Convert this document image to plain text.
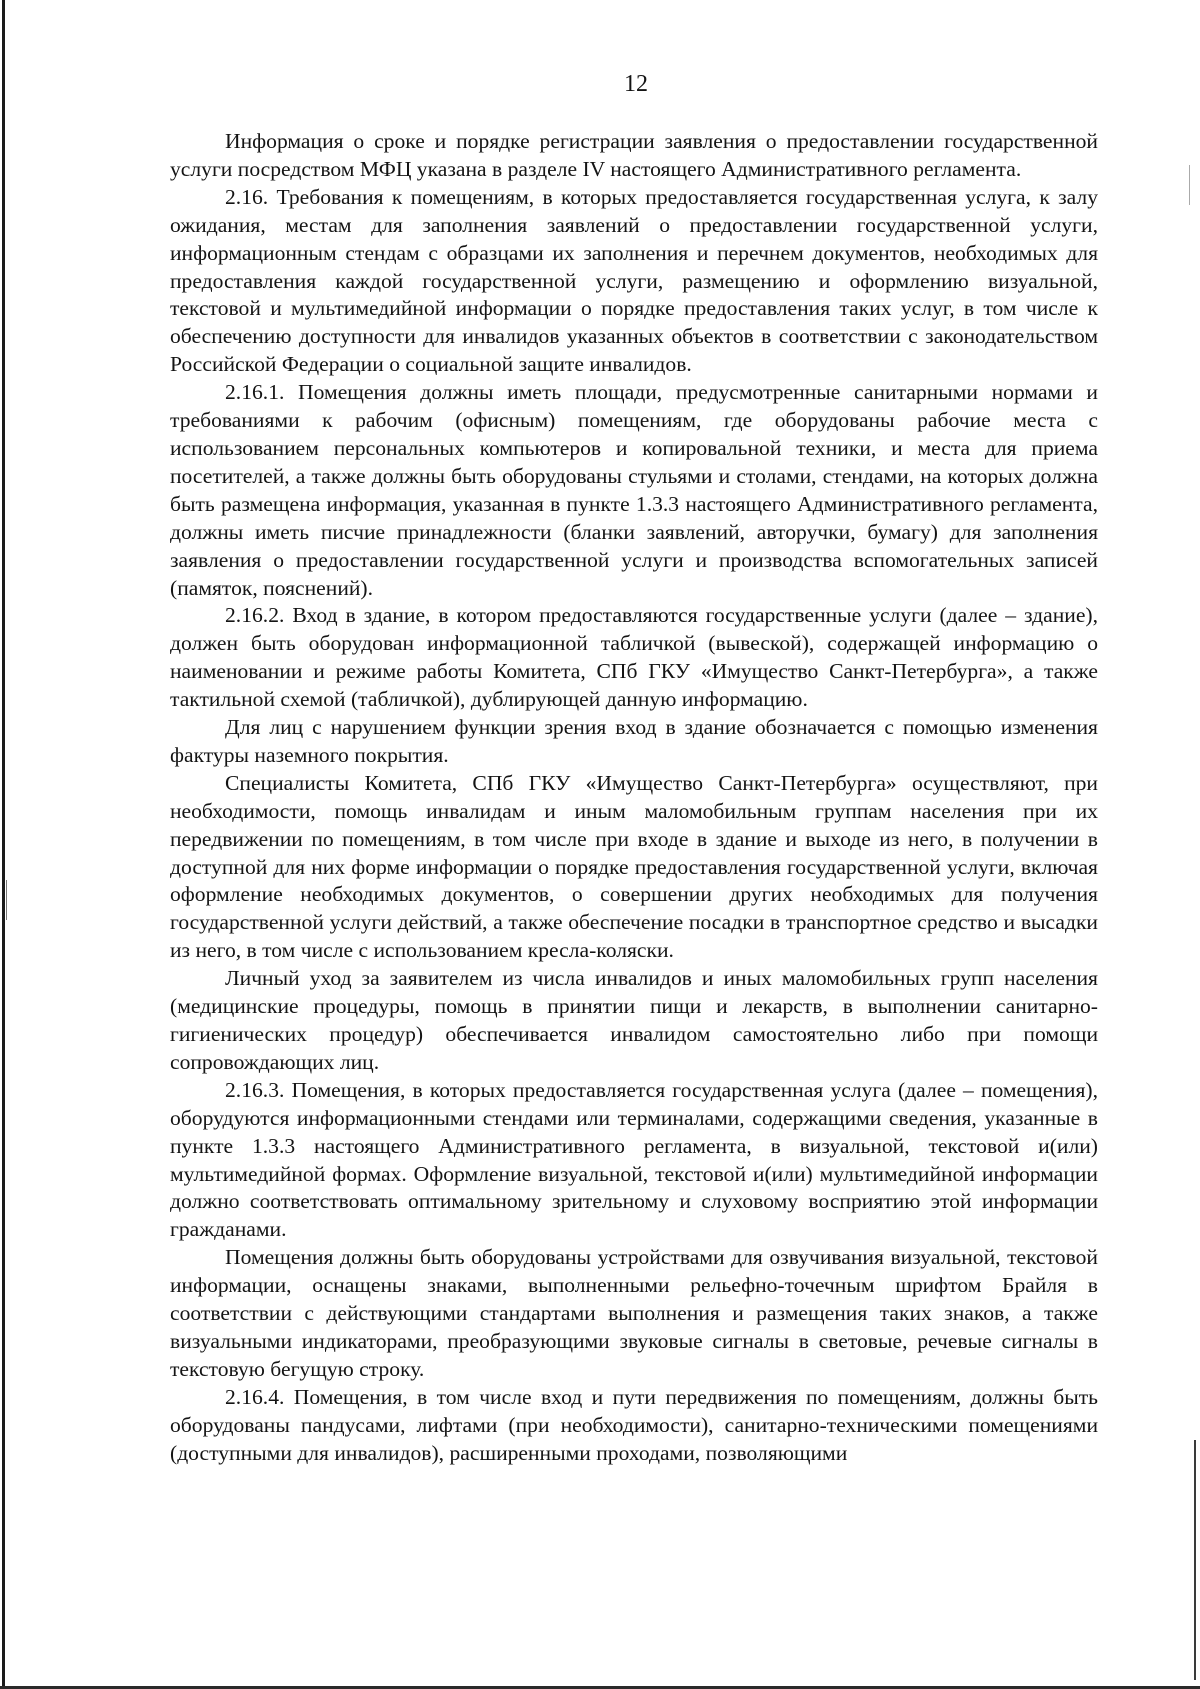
12

Информация о сроке и порядке регистрации заявления о предоставлении государственной услуги посредством МФЦ указана в разделе IV настоящего Административного регламента.

2.16. Требования к помещениям, в которых предоставляется государственная услуга, к залу ожидания, местам для заполнения заявлений о предоставлении государственной услуги, информационным стендам с образцами их заполнения и перечнем документов, необходимых для предоставления каждой государственной услуги, размещению и оформлению визуальной, текстовой и мультимедийной информации о порядке предоставления таких услуг, в том числе к обеспечению доступности для инвалидов указанных объектов в соответствии с законодательством Российской Федерации о социальной защите инвалидов.

2.16.1. Помещения должны иметь площади, предусмотренные санитарными нормами и требованиями к рабочим (офисным) помещениям, где оборудованы рабочие места с использованием персональных компьютеров и копировальной техники, и места для приема посетителей, а также должны быть оборудованы стульями и столами, стендами, на которых должна быть размещена информация, указанная в пункте 1.3.3 настоящего Административного регламента, должны иметь писчие принадлежности (бланки заявлений, авторучки, бумагу) для заполнения заявления о предоставлении государственной услуги и производства вспомогательных записей (памяток, пояснений).

2.16.2. Вход в здание, в котором предоставляются государственные услуги (далее – здание), должен быть оборудован информационной табличкой (вывеской), содержащей информацию о наименовании и режиме работы Комитета, СПб ГКУ «Имущество Санкт-Петербурга», а также тактильной схемой (табличкой), дублирующей данную информацию.

Для лиц с нарушением функции зрения вход в здание обозначается с помощью изменения фактуры наземного покрытия.

Специалисты Комитета, СПб ГКУ «Имущество Санкт-Петербурга» осуществляют, при необходимости, помощь инвалидам и иным маломобильным группам населения при их передвижении по помещениям, в том числе при входе в здание и выходе из него, в получении в доступной для них форме информации о порядке предоставления государственной услуги, включая оформление необходимых документов, о совершении других необходимых для получения государственной услуги действий, а также обеспечение посадки в транспортное средство и высадки из него, в том числе с использованием кресла-коляски.

Личный уход за заявителем из числа инвалидов и иных маломобильных групп населения (медицинские процедуры, помощь в принятии пищи и лекарств, в выполнении санитарно-гигиенических процедур) обеспечивается инвалидом самостоятельно либо при помощи сопровождающих лиц.

2.16.3. Помещения, в которых предоставляется государственная услуга (далее – помещения), оборудуются информационными стендами или терминалами, содержащими сведения, указанные в пункте 1.3.3 настоящего Административного регламента, в визуальной, текстовой и(или) мультимедийной формах. Оформление визуальной, текстовой и(или) мультимедийной информации должно соответствовать оптимальному зрительному и слуховому восприятию этой информации гражданами.

Помещения должны быть оборудованы устройствами для озвучивания визуальной, текстовой информации, оснащены знаками, выполненными рельефно-точечным шрифтом Брайля в соответствии с действующими стандартами выполнения и размещения таких знаков, а также визуальными индикаторами, преобразующими звуковые сигналы в световые, речевые сигналы в текстовую бегущую строку.

2.16.4. Помещения, в том числе вход и пути передвижения по помещениям, должны быть оборудованы пандусами, лифтами (при необходимости), санитарно-техническими помещениями (доступными для инвалидов), расширенными проходами, позволяющими
